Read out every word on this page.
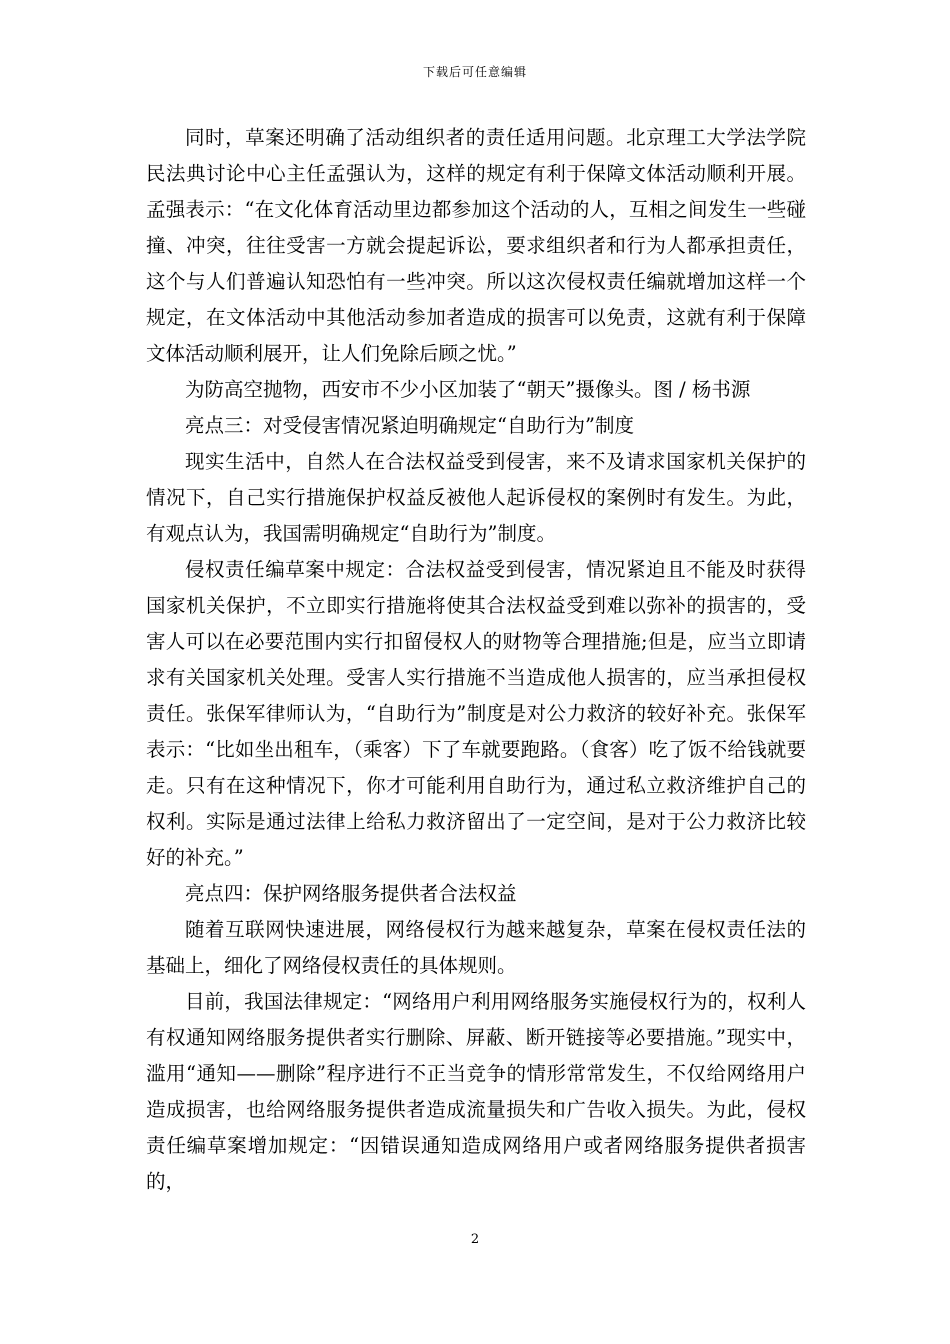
下载后可任意编辑

同时，草案还明确了活动组织者的责任适用问题。北京理工大学法学院民法典讨论中心主任孟强认为，这样的规定有利于保障文体活动顺利开展。孟强表示：“在文化体育活动里边都参加这个活动的人，互相之间发生一些碰撞、冲突，往往受害一方就会提起诉讼，要求组织者和行为人都承担责任，这个与人们普遍认知恐怕有一些冲突。所以这次侵权责任编就增加这样一个规定，在文体活动中其他活动参加者造成的损害可以免责，这就有利于保障文体活动顺利展开，让人们免除后顾之忧。”

为防高空抛物，西安市不少小区加装了“朝天”摄像头。图 / 杨书源

亮点三：对受侵害情况紧迫明确规定“自助行为”制度

现实生活中，自然人在合法权益受到侵害，来不及请求国家机关保护的情况下，自己实行措施保护权益反被他人起诉侵权的案例时有发生。为此，有观点认为，我国需明确规定“自助行为”制度。

侵权责任编草案中规定：合法权益受到侵害，情况紧迫且不能及时获得国家机关保护，不立即实行措施将使其合法权益受到难以弥补的损害的，受害人可以在必要范围内实行扣留侵权人的财物等合理措施;但是，应当立即请求有关国家机关处理。受害人实行措施不当造成他人损害的，应当承担侵权责任。张保军律师认为，“自助行为”制度是对公力救济的较好补充。张保军表示：“比如坐出租车，（乘客）下了车就要跑路。（食客）吃了饭不给钱就要走。只有在这种情况下，你才可能利用自助行为，通过私立救济维护自己的权利。实际是通过法律上给私力救济留出了一定空间，是对于公力救济比较好的补充。”

亮点四：保护网络服务提供者合法权益

随着互联网快速进展，网络侵权行为越来越复杂，草案在侵权责任法的基础上，细化了网络侵权责任的具体规则。

目前，我国法律规定：“网络用户利用网络服务实施侵权行为的，权利人有权通知网络服务提供者实行删除、屏蔽、断开链接等必要措施。”现实中，滥用“通知——删除”程序进行不正当竞争的情形常常发生，不仅给网络用户造成损害，也给网络服务提供者造成流量损失和广告收入损失。为此，侵权责任编草案增加规定：“因错误通知造成网络用户或者网络服务提供者损害的，

2
